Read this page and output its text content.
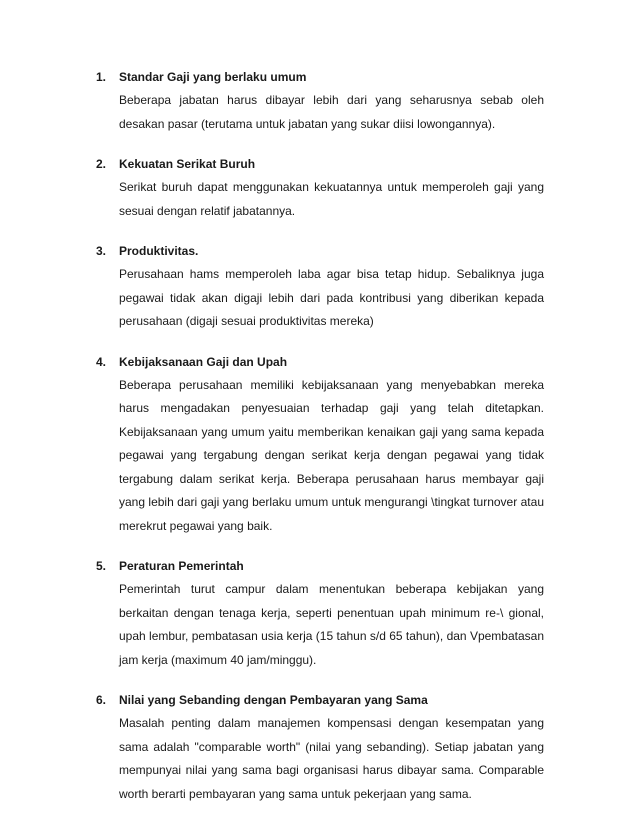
1. Standar Gaji yang berlaku umum

Beberapa jabatan harus dibayar lebih dari yang seharusnya sebab oleh desakan pasar (terutama untuk jabatan yang sukar diisi lowongannya).

2. Kekuatan Serikat Buruh

Serikat buruh dapat menggunakan kekuatannya untuk memperoleh gaji yang sesuai dengan relatif jabatannya.

3. Produktivitas.

Perusahaan hams memperoleh laba agar bisa tetap hidup. Sebaliknya juga pegawai tidak akan digaji lebih dari pada kontribusi yang diberikan kepada perusahaan (digaji sesuai produktivitas mereka)

4. Kebijaksanaan Gaji dan Upah

Beberapa perusahaan memiliki kebijaksanaan yang menyebabkan mereka harus mengadakan penyesuaian terhadap gaji yang telah ditetapkan. Kebijaksanaan yang umum yaitu memberikan kenaikan gaji yang sama kepada pegawai yang tergabung dengan serikat kerja dengan pegawai yang tidak tergabung dalam serikat kerja. Beberapa perusahaan harus membayar gaji yang lebih dari gaji yang berlaku umum untuk mengurangi \tingkat turnover atau merekrut pegawai yang baik.

5. Peraturan Pemerintah

Pemerintah turut campur dalam menentukan beberapa kebijakan yang berkaitan dengan tenaga kerja, seperti penentuan upah minimum re-\ gional, upah lembur, pembatasan usia kerja (15 tahun s/d 65 tahun), dan Vpembatasan jam kerja (maximum 40 jam/minggu).

6. Nilai yang Sebanding dengan Pembayaran yang Sama

Masalah penting dalam manajemen kompensasi dengan kesempatan yang sama adalah "comparable worth" (nilai yang sebanding). Setiap jabatan yang mempunyai nilai yang sama bagi organisasi harus dibayar sama. Comparable worth berarti pembayaran yang sama untuk pekerjaan yang sama.
